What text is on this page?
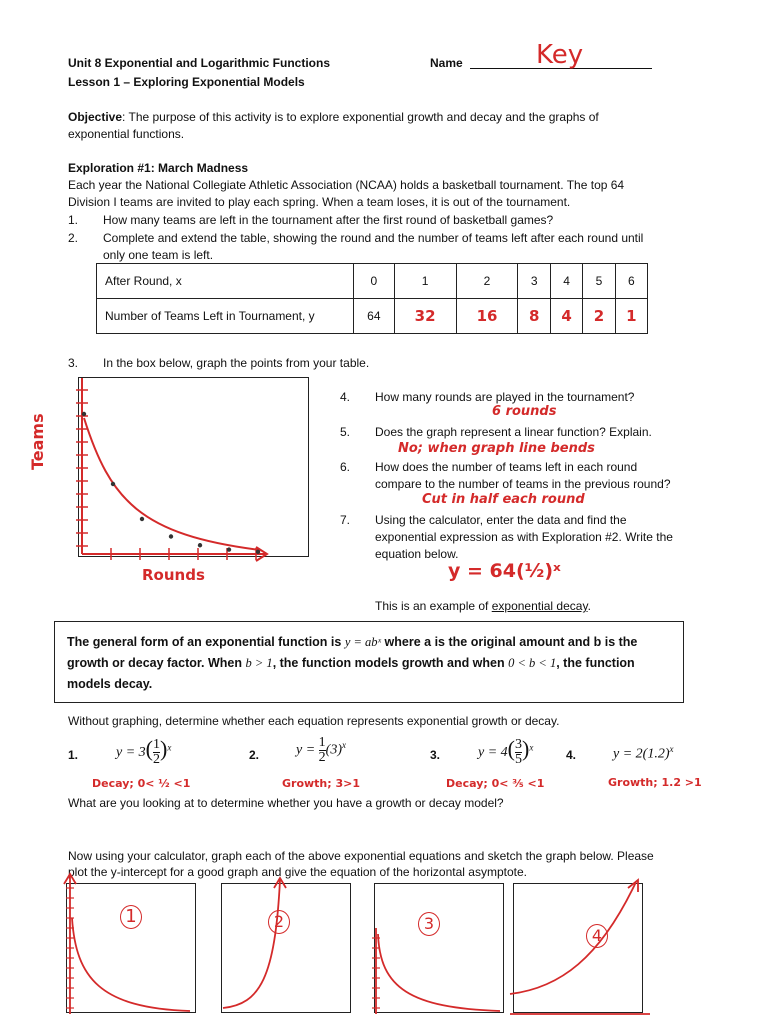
Unit 8 Exponential and Logarithmic Functions
Lesson 1 – Exploring Exponential Models
Name	Key
Objective: The purpose of this activity is to explore exponential growth and decay and the graphs of
exponential functions.
Exploration #1: March Madness
Each year the National Collegiate Athletic Association (NCAA) holds a basketball tournament. The top 64
Division I teams are invited to play each spring. When a team loses, it is out of the tournament.
1. How many teams are left in the tournament after the first round of basketball games?
2. Complete and extend the table, showing the round and the number of teams left after each round until
only one team is left.
After Round, x	0	1	2	3	4	5	6
Number of Teams Left in Tournament, y	64	32	16	8	4	2	1
3. In the box below, graph the points from your table.
Teams
Rounds
4. How many rounds are played in the tournament?
6 rounds
5. Does the graph represent a linear function? Explain.
No; when graph line bends
6. How does the number of teams left in each round
compare to the number of teams in the previous round?
Cut in half each round
7. Using the calculator, enter the data and find the
exponential expression as with Exploration #2. Write the
equation below.
y = 64(½)ˣ
This is an example of exponential decay.
The general form of an exponential function is y = abˣ where a is the original amount and b is the
growth or decay factor. When b > 1, the function models growth and when 0 < b < 1, the function
models decay.
Without graphing, determine whether each equation represents exponential growth or decay.
1.	$y = 3( \frac{1}{2} )^x$
Decay; 0< ½ <1
2.	$y = \frac{1}{2} (3)^x$
Growth; 3>1
3.	$y = 4( \frac{3}{5} )^x$
Decay; 0< ⅗ <1
4.	$y = 2(1.2)^x$
Growth; 1.2 >1
What are you looking at to determine whether you have a growth or decay model?
Now using your calculator, graph each of the above exponential equations and sketch the graph below. Please
plot the y-intercept for a good graph and give the equation of the horizontal asymptote.
1	2	3
4
